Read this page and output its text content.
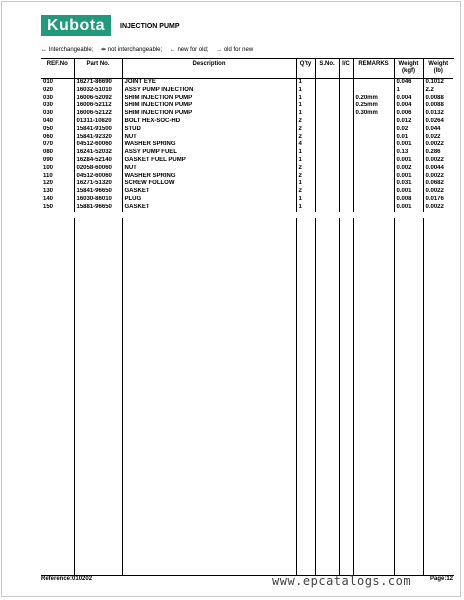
Kubota	INJECTION PUMP
↔ Interchangeable; ⇹ not interchangeable; ← new for old; → old for new
REF.No	Part No.	Description	Q'ty	S.No.	I/C	REMARKS	Weight (kgf)	Weight (lb)
010	16271-86690	JOINT EYE	1				0.046	0.1012
020	16032-51010	ASSY PUMP INJECTION	1				1	2.2
030	16006-52092	SHIM INJECTION PUMP	1			0.20mm	0.004	0.0088
030	16006-52112	SHIM INJECTION PUMP	1			0.25mm	0.004	0.0088
030	16006-52122	SHIM INJECTION PUMP	1			0.30mm	0.006	0.0132
040	01311-10820	BOLT HEX-SOC-HD	2				0.012	0.0264
050	15841-91500	STUD	2				0.02	0.044
060	15841-92320	NUT	2				0.01	0.022
070	04512-60060	WASHER SPRING	4				0.001	0.0022
080	16241-52032	ASSY PUMP FUEL	1				0.13	0.286
090	16284-52140	GASKET FUEL PUMP	1				0.001	0.0022
100	02058-60060	NUT	2				0.002	0.0044
110	04512-60060	WASHER SPRING	2				0.001	0.0022
120	16271-51320	SCREW FOLLOW	1				0.031	0.0682
130	15841-96650	GASKET	2				0.001	0.0022
140	16030-86010	PLUG	1				0.008	0.0176
150	15881-96650	GASKET	1				0.001	0.0022
Reference:010202	www.epcatalogs.com	Page:12
